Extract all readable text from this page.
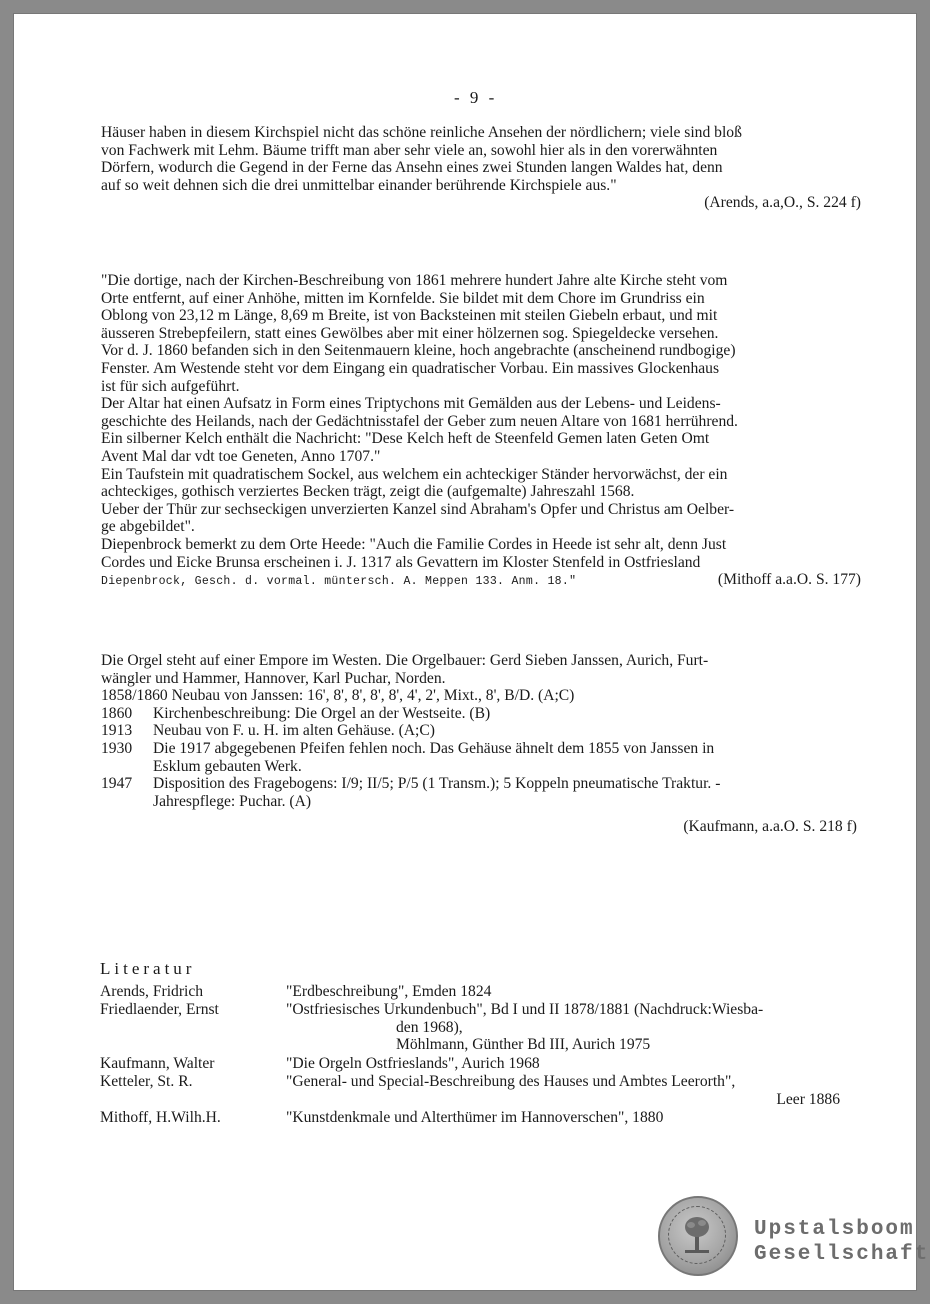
- 9 -
Häuser haben in diesem Kirchspiel nicht das schöne reinliche Ansehen der nördlichern; viele sind bloß
von Fachwerk mit Lehm. Bäume trifft man aber sehr viele an, sowohl hier als in den vorerwähnten
Dörfern, wodurch die Gegend in der Ferne das Ansehn eines zwei Stunden langen Waldes hat, denn
auf so weit dehnen sich die drei unmittelbar einander berührende Kirchspiele aus."
(Arends, a.a,O., S. 224 f)
"Die dortige, nach der Kirchen-Beschreibung von 1861 mehrere hundert Jahre alte Kirche steht vom
Orte entfernt, auf einer Anhöhe, mitten im Kornfelde. Sie bildet mit dem Chore im Grundriss ein
Oblong von 23,12 m Länge, 8,69 m Breite, ist von Backsteinen mit steilen Giebeln erbaut, und mit
äusseren Strebepfeilern, statt eines Gewölbes aber mit einer hölzernen sog. Spiegeldecke versehen.
Vor d. J. 1860 befanden sich in den Seitenmauern kleine, hoch angebrachte (anscheinend rundbogige)
Fenster. Am Westende steht vor dem Eingang ein quadratischer Vorbau. Ein massives Glockenhaus
ist für sich aufgeführt.
Der Altar hat einen Aufsatz in Form eines Triptychons mit Gemälden aus der Lebens- und Leidens-
geschichte des Heilands, nach der Gedächtnisstafel der Geber zum neuen Altare von 1681 herrührend.
Ein silberner Kelch enthält die Nachricht: "Dese Kelch heft de Steenfeld Gemen laten Geten Omt
Avent Mal dar vdt toe Geneten, Anno 1707."
Ein Taufstein mit quadratischem Sockel, aus welchem ein achteckiger Ständer hervorwächst, der ein
achteckiges, gothisch verziertes Becken trägt, zeigt die (aufgemalte) Jahreszahl 1568.
Ueber der Thür zur sechseckigen unverzierten Kanzel sind Abraham's Opfer und Christus am Oelber-
ge abgebildet".
Diepenbrock bemerkt zu dem Orte Heede: "Auch die Familie Cordes in Heede ist sehr alt, denn Just
Cordes und Eicke Brunsa erscheinen i. J. 1317 als Gevattern im Kloster Stenfeld in Ostfriesland
Diepenbrock, Gesch. d. vormal. müntersch. A. Meppen 133. Anm. 18."	(Mithoff a.a.O. S. 177)
Die Orgel steht auf einer Empore im Westen. Die Orgelbauer: Gerd Sieben Janssen, Aurich, Furt-
wängler und Hammer, Hannover, Karl Puchar, Norden.
1858/1860 Neubau von Janssen: 16', 8', 8', 8', 8', 4', 2', Mixt., 8', B/D. (A;C)
1860	Kirchenbeschreibung: Die Orgel an der Westseite. (B)
1913	Neubau von F. u. H. im alten Gehäuse. (A;C)
1930	Die 1917 abgegebenen Pfeifen fehlen noch. Das Gehäuse ähnelt dem 1855 von Janssen in
Esklum gebauten Werk.
1947	Disposition des Fragebogens: I/9; II/5; P/5 (1 Transm.); 5 Koppeln pneumatische Traktur. -
Jahrespflege: Puchar. (A)
(Kaufmann, a.a.O. S. 218 f)
Literatur
Arends, Fridrich	"Erdbeschreibung", Emden 1824
Friedlaender, Ernst	"Ostfriesisches Urkundenbuch", Bd I und II 1878/1881 (Nachdruck:Wiesba-
den 1968),
Möhlmann, Günther Bd III, Aurich 1975
Kaufmann, Walter	"Die Orgeln Ostfrieslands", Aurich 1968
Ketteler, St. R.	"General- und Special-Beschreibung des Hauses und Ambtes Leerorth",
Leer 1886
Mithoff, H.Wilh.H.	"Kunstdenkmale und Alterthümer im Hannoverschen", 1880
Upstalsboom
Gesellschaft
